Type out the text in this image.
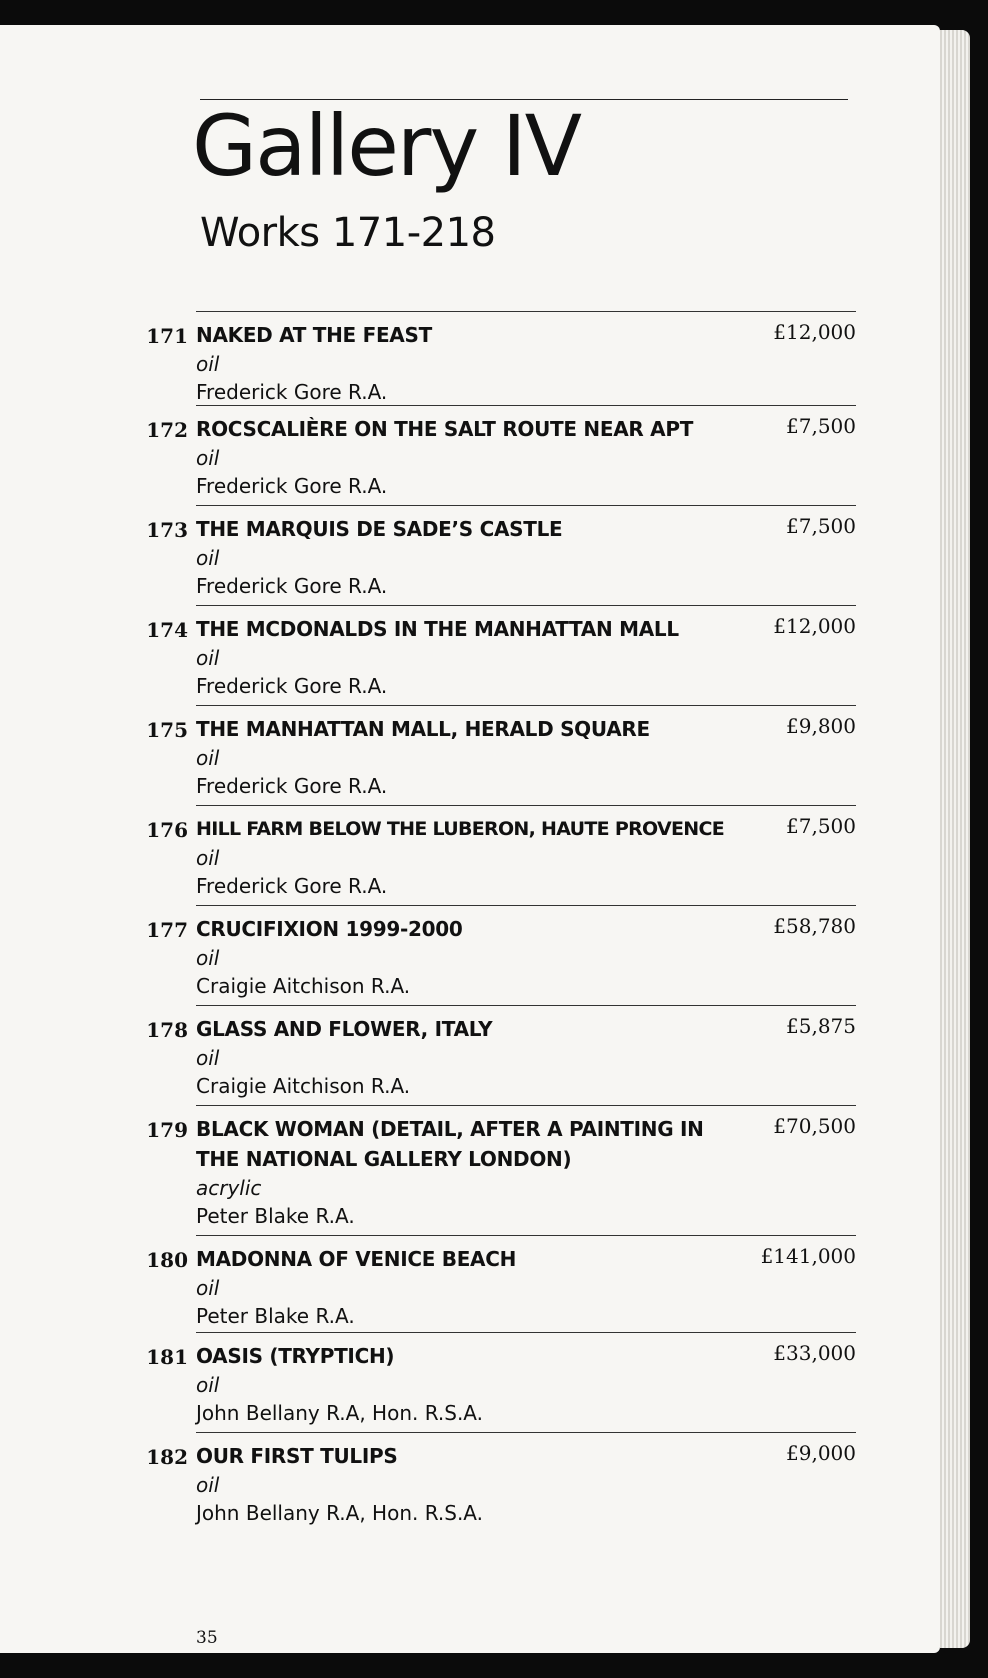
Gallery IV
Works 171-218
171 NAKED AT THE FEAST
oil
Frederick Gore R.A.
£12,000
172 ROCSCALIÈRE ON THE SALT ROUTE NEAR APT
oil
Frederick Gore R.A.
£7,500
173 THE MARQUIS DE SADE’S CASTLE
oil
Frederick Gore R.A.
£7,500
174 THE MCDONALDS IN THE MANHATTAN MALL
oil
Frederick Gore R.A.
£12,000
175 THE MANHATTAN MALL, HERALD SQUARE
oil
Frederick Gore R.A.
£9,800
176 HILL FARM BELOW THE LUBERON, HAUTE PROVENCE
oil
Frederick Gore R.A.
£7,500
177 CRUCIFIXION 1999-2000
oil
Craigie Aitchison R.A.
£58,780
178 GLASS AND FLOWER, ITALY
oil
Craigie Aitchison R.A.
£5,875
179 BLACK WOMAN (DETAIL, AFTER A PAINTING IN THE NATIONAL GALLERY LONDON)
acrylic
Peter Blake R.A.
£70,500
180 MADONNA OF VENICE BEACH
oil
Peter Blake R.A.
£141,000
181 OASIS (TRYPTICH)
oil
John Bellany R.A, Hon. R.S.A.
£33,000
182 OUR FIRST TULIPS
oil
John Bellany R.A, Hon. R.S.A.
£9,000
35
